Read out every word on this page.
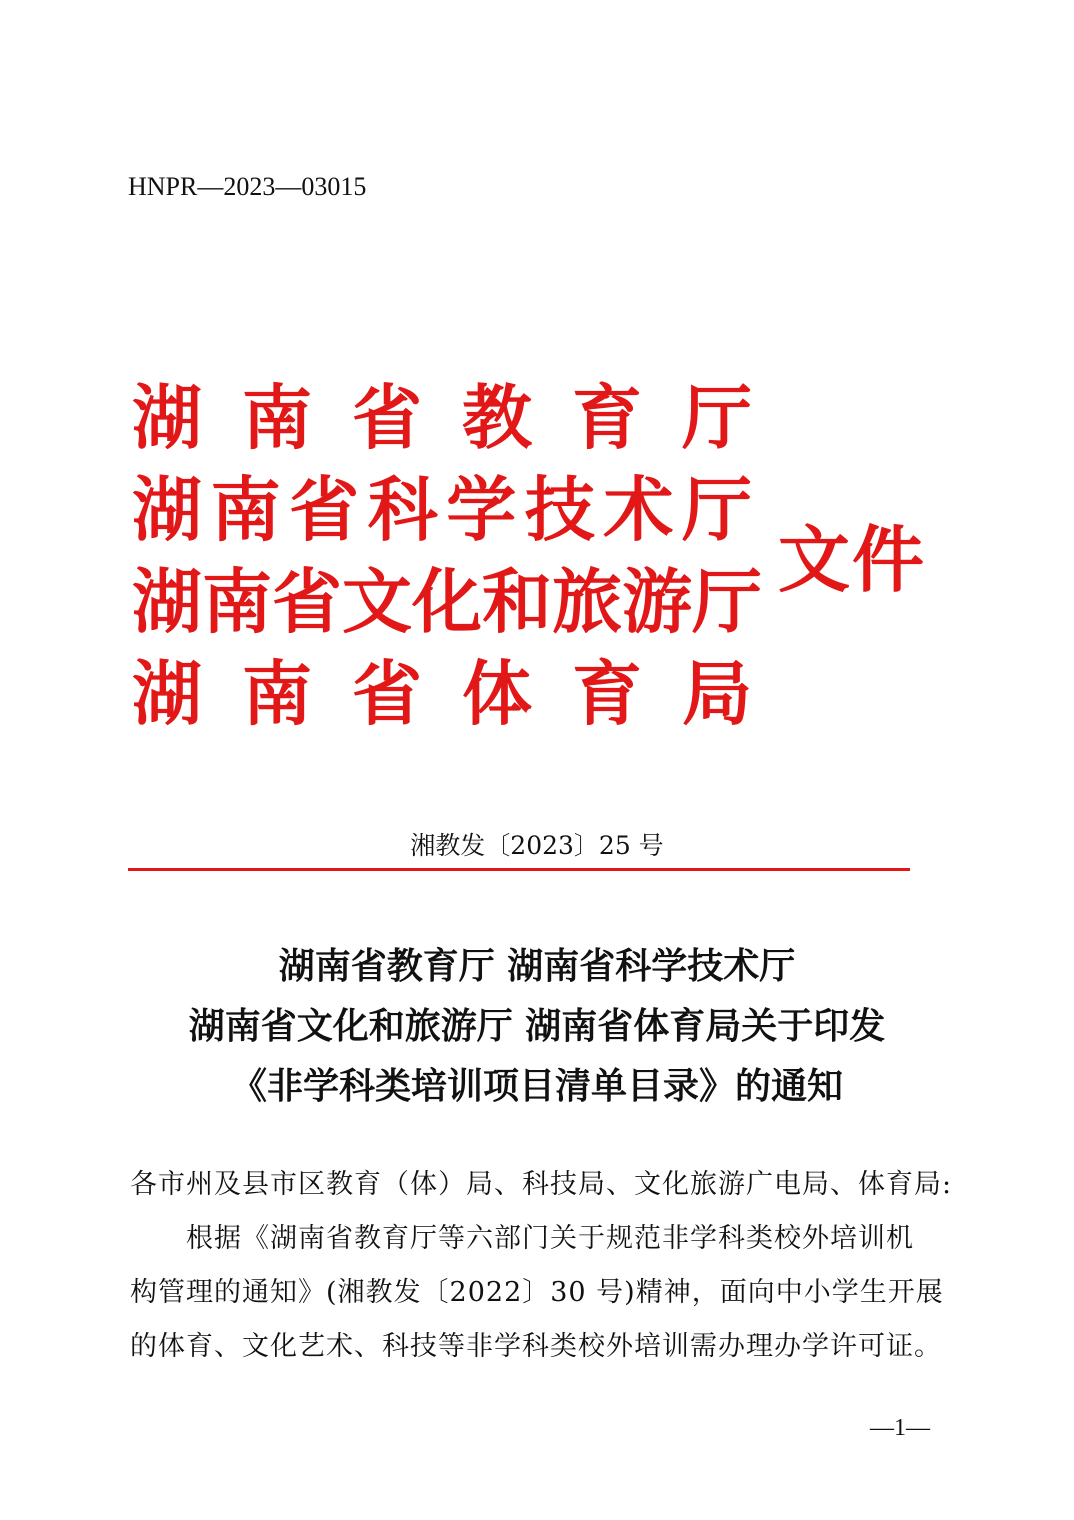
HNPR—2023—03015
湖 南 省 教 育 厅
湖 南 省 科 学 技 术 厅
湖 南 省 文 化 和 旅 游 厅
湖 南 省 体 育 局
文件
湘教发〔2023〕25 号
湖南省教育厅 湖南省科学技术厅
湖南省文化和旅游厅 湖南省体育局关于印发
《非学科类培训项目清单目录》的通知
各市州及县市区教育（体）局、科技局、文化旅游广电局、体育局:
根据《湖南省教育厅等六部门关于规范非学科类校外培训机
构管理的通知》(湘教发〔2022〕30 号)精神，面向中小学生开展
的体育、文化艺术、科技等非学科类校外培训需办理办学许可证。
—1—
